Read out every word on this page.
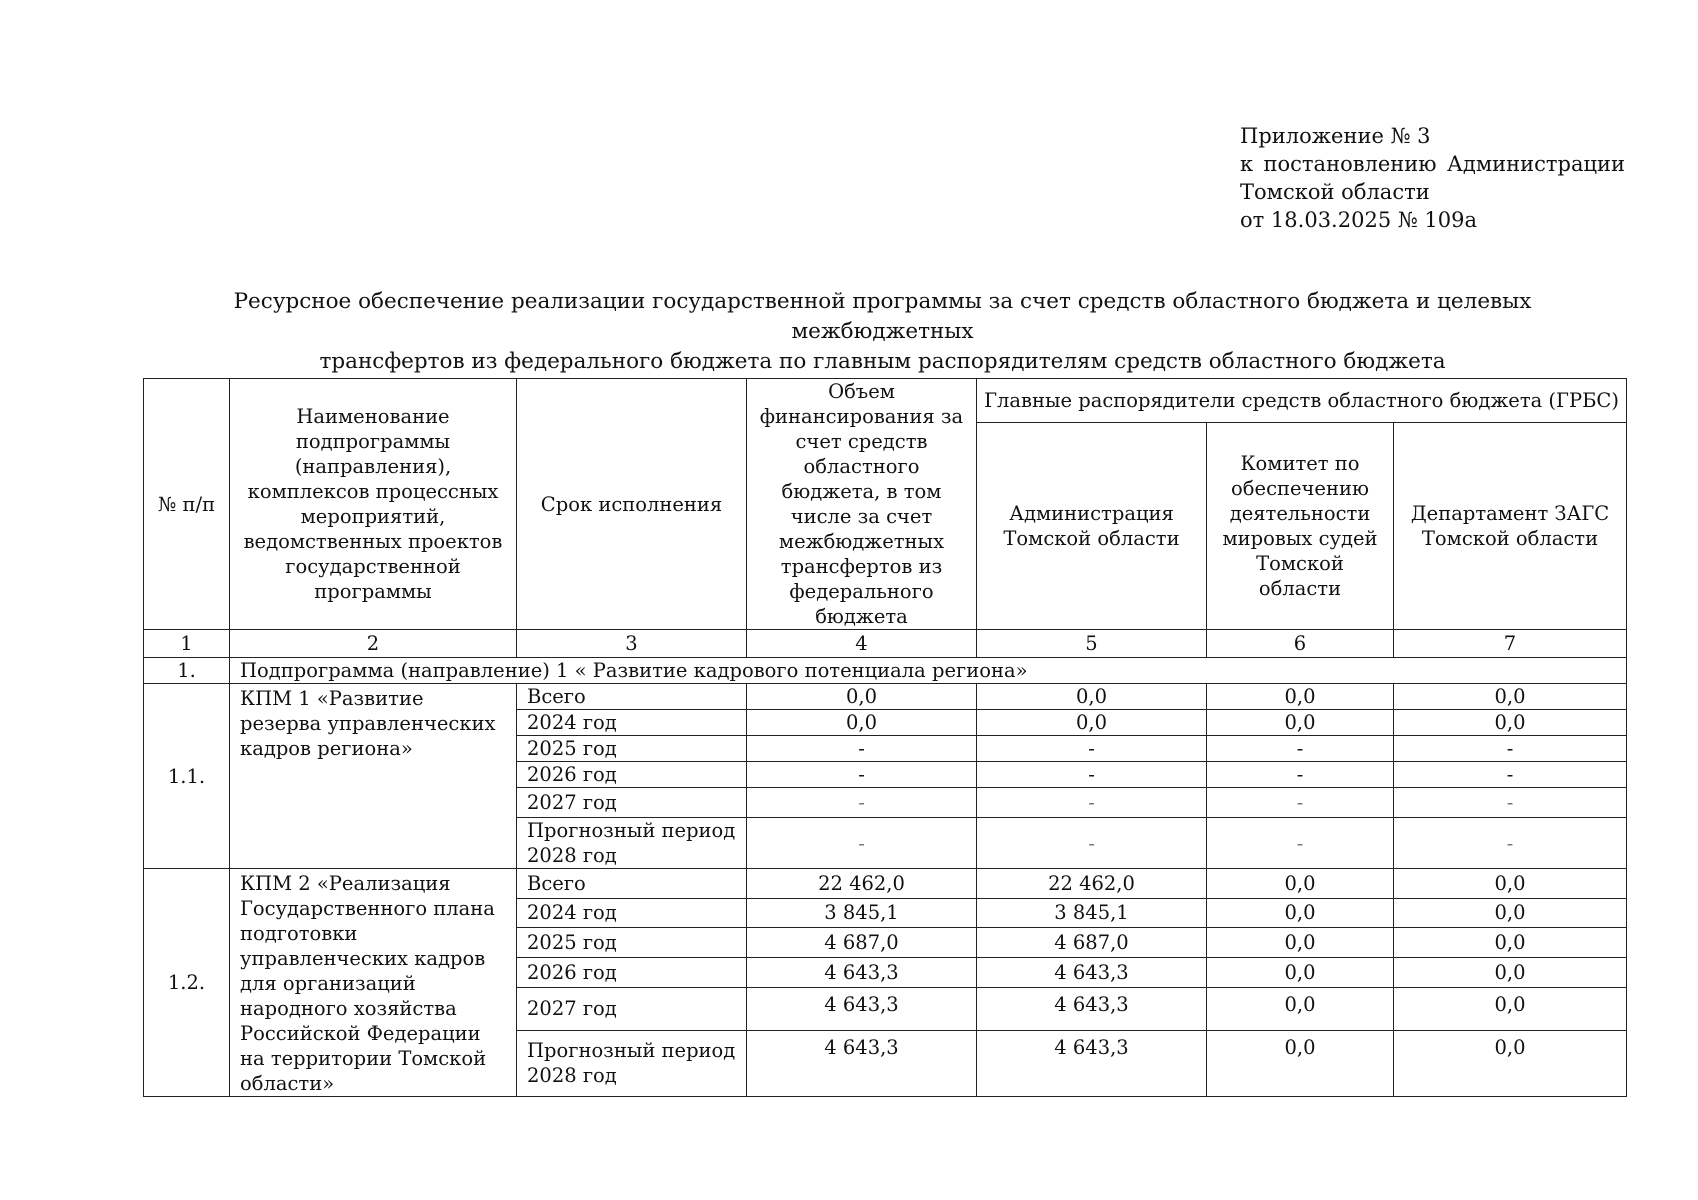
Приложение № 3
к постановлению Администрации
Томской области
от 18.03.2025 № 109а
Ресурсное обеспечение реализации государственной программы за счет средств областного бюджета и целевых межбюджетных
трансфертов из федерального бюджета по главным распорядителям средств областного бюджета
№ п/п	Наименование подпрограммы (направления), комплексов процессных мероприятий, ведомственных проектов государственной программы	Срок исполнения	Объем финансирования за счет средств областного бюджета, в том числе за счет межбюджетных трансфертов из федерального бюджета	Главные распорядители средств областного бюджета (ГРБС)		
				Администрация Томской области	Комитет по обеспечению деятельности мировых судей Томской области	Департамент ЗАГС Томской области
1	2	3	4	5	6	7
1.	Подпрограмма (направление) 1 « Развитие кадрового потенциала региона»					
1.1.	КПМ 1 «Развитие резерва управленческих кадров региона»	Всего	0,0	0,0	0,0	0,0
		2024 год	0,0	0,0	0,0	0,0
		2025 год	-	-	-	-
		2026 год	-	-	-	-
		2027 год	-	-	-	-
		Прогнозный период 2028 год	-	-	-	-
1.2.	КПМ 2 «Реализация Государственного плана подготовки управленческих кадров для организаций народного хозяйства Российской Федерации на территории Томской области»	Всего	22 462,0	22 462,0	0,0	0,0
		2024 год	3 845,1	3 845,1	0,0	0,0
		2025 год	4 687,0	4 687,0	0,0	0,0
		2026 год	4 643,3	4 643,3	0,0	0,0
		2027 год	4 643,3	4 643,3	0,0	0,0
		Прогнозный период 2028 год	4 643,3	4 643,3	0,0	0,0
